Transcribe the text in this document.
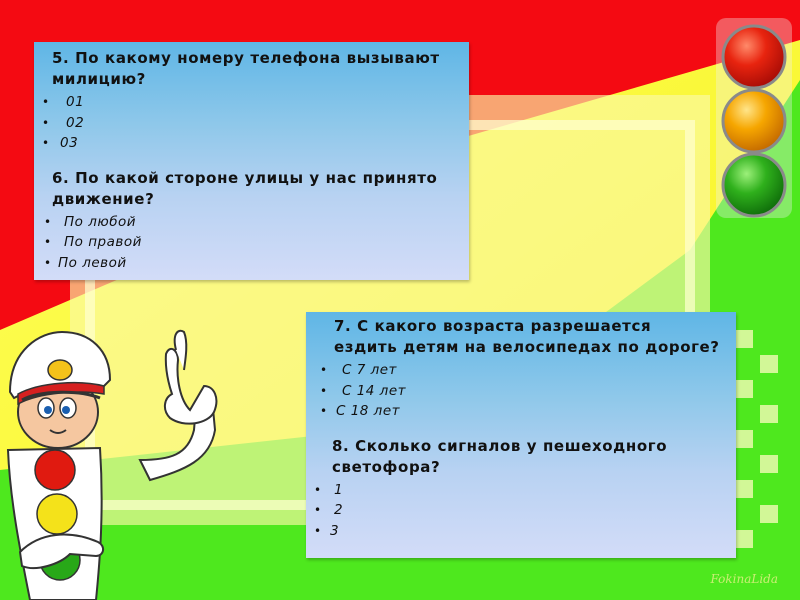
5. По какому номеру телефона вызывают милицию?

• 01
• 02
• 03

6. По какой стороне улицы у нас принято движение?

• По любой
• По правой
• По левой

7. С какого возраста разрешается ездить детям на велосипедах по дороге?

• С 7 лет
• С 14 лет
• С 18 лет

8. Сколько сигналов у пешеходного светофора?

• 1
• 2
• 3
FokinaLida
